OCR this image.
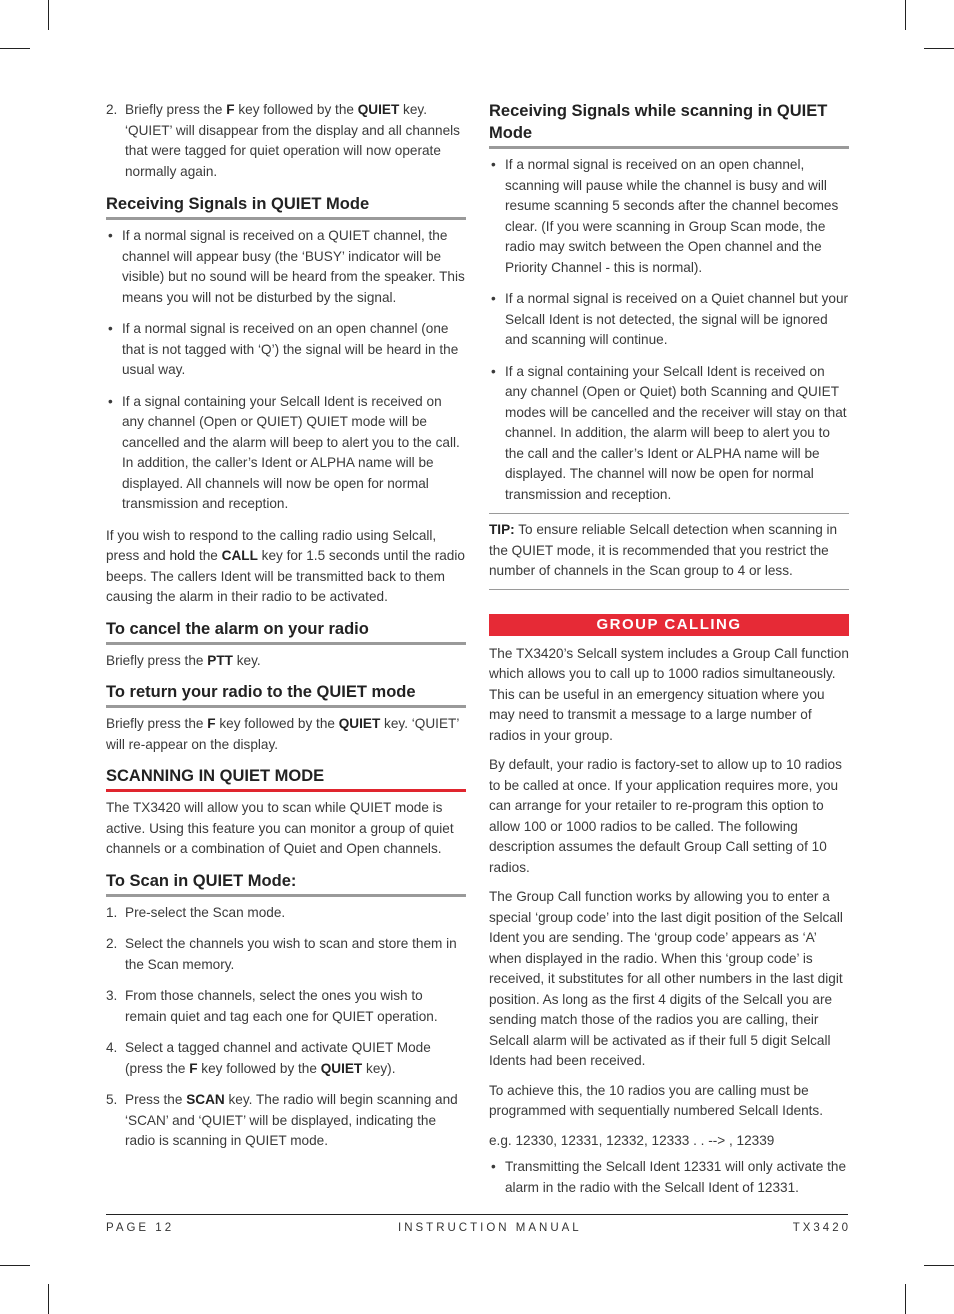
2. Briefly press the F key followed by the QUIET key. ‘QUIET’ will disappear from the display and all channels that were tagged for quiet operation will now operate normally again.
Receiving Signals in QUIET Mode
• If a normal signal is received on a QUIET channel, the channel will appear busy (the ‘BUSY’ indicator will be visible) but no sound will be heard from the speaker. This means you will not be disturbed by the signal.
• If a normal signal is received on an open channel (one that is not tagged with ‘Q’) the signal will be heard in the usual way.
• If a signal containing your Selcall Ident is received on any channel (Open or QUIET) QUIET mode will be cancelled and the alarm will beep to alert you to the call. In addition, the caller’s Ident or ALPHA name will be displayed. All channels will now be open for normal transmission and reception.

If you wish to respond to the calling radio using Selcall, press and hold the CALL key for 1.5 seconds until the radio beeps. The callers Ident will be transmitted back to them causing the alarm in their radio to be activated.

To cancel the alarm on your radio

Briefly press the PTT key.

To return your radio to the QUIET mode

Briefly press the F key followed by the QUIET key. ‘QUIET’ will re-appear on the display.

SCANNING IN QUIET MODE

The TX3420 will allow you to scan while QUIET mode is active. Using this feature you can monitor a group of quiet channels or a combination of Quiet and Open channels.

To Scan in QUIET Mode:
1. Pre-select the Scan mode.
2. Select the channels you wish to scan and store them in the Scan memory.
3. From those channels, select the ones you wish to remain quiet and tag each one for QUIET operation.
4. Select a tagged channel and activate QUIET Mode (press the F key followed by the QUIET key).
5. Press the SCAN key. The radio will begin scanning and ‘SCAN’ and ‘QUIET’ will be displayed, indicating the radio is scanning in QUIET mode.
Receiving Signals while scanning in QUIET Mode
• If a normal signal is received on an open channel, scanning will pause while the channel is busy and will resume scanning 5 seconds after the channel becomes clear. (If you were scanning in Group Scan mode, the radio may switch between the Open channel and the Priority Channel - this is normal).
• If a normal signal is received on a Quiet channel but your Selcall Ident is not detected, the signal will be ignored and scanning will continue.
• If a signal containing your Selcall Ident is received on any channel (Open or Quiet) both Scanning and QUIET modes will be cancelled and the receiver will stay on that channel. In addition, the alarm will beep to alert you to the call and the caller’s Ident or ALPHA name will be displayed. The channel will now be open for normal transmission and reception.
TIP: To ensure reliable Selcall detection when scanning in the QUIET mode, it is recommended that you restrict the number of channels in the Scan group to 4 or less.
GROUP CALLING

The TX3420’s Selcall system includes a Group Call function which allows you to call up to 1000 radios simultaneously. This can be useful in an emergency situation where you may need to transmit a message to a large number of radios in your group.

By default, your radio is factory-set to allow up to 10 radios to be called at once. If your application requires more, you can arrange for your retailer to re-program this option to allow 100 or 1000 radios to be called. The following description assumes the default Group Call setting of 10 radios.

The Group Call function works by allowing you to enter a special ‘group code’ into the last digit position of the Selcall Ident you are sending. The ‘group code’ appears as ‘A’ when displayed in the radio. When this ‘group code’ is received, it substitutes for all other numbers in the last digit position. As long as the first 4 digits of the Selcall you are sending match those of the radios you are calling, their Selcall alarm will be activated as if their full 5 digit Selcall Idents had been received.

To achieve this, the 10 radios you are calling must be programmed with sequentially numbered Selcall Idents.

e.g. 12330, 12331, 12332, 12333 . . --> , 12339

• Transmitting the Selcall Ident 12331 will only activate the alarm in the radio with the Selcall Ident of 12331.
PAGE 12	INSTRUCTION MANUAL	TX3420
